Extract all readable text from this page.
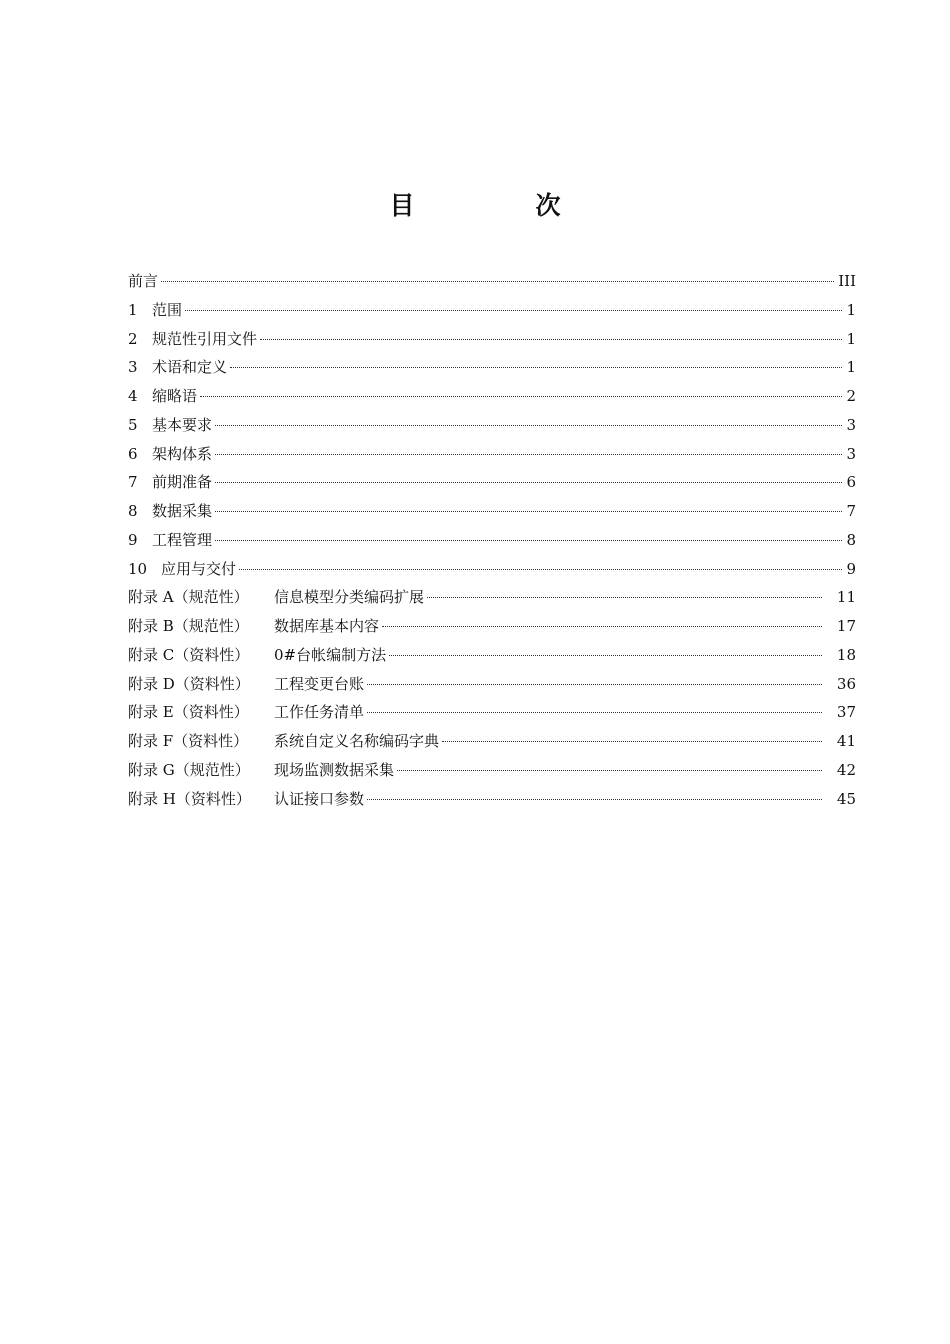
目　次
前言	III
1 范围	1
2 规范性引用文件	1
3 术语和定义	1
4 缩略语	2
5 基本要求	3
6 架构体系	3
7 前期准备	6
8 数据采集	7
9 工程管理	8
10 应用与交付	9
附录 A（规范性）	信息模型分类编码扩展	11
附录 B（规范性）	数据库基本内容	17
附录 C（资料性）	0#台帐编制方法	18
附录 D（资料性）	工程变更台账	36
附录 E（资料性）	工作任务清单	37
附录 F（资料性）	系统自定义名称编码字典	41
附录 G（规范性）	现场监测数据采集	42
附录 H（资料性）	认证接口参数	45
